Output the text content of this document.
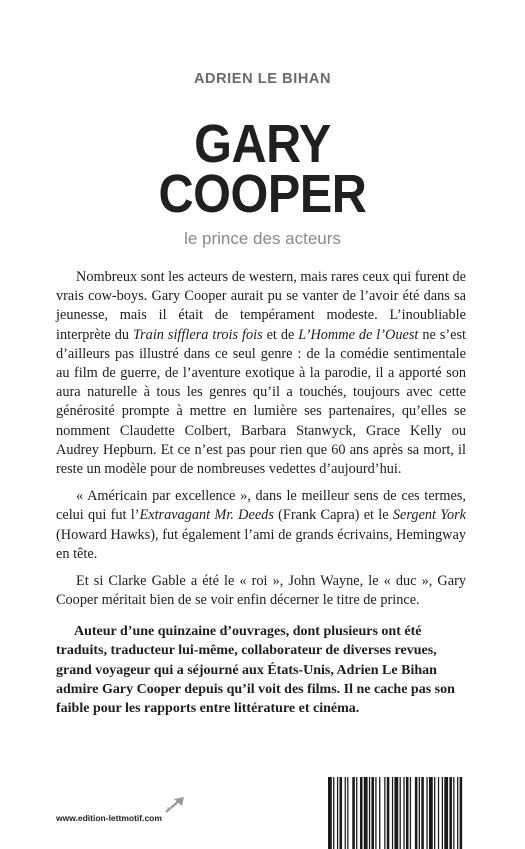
ADRIEN LE BIHAN
GARY
COOPER
le prince des acteurs

Nombreux sont les acteurs de western, mais rares ceux qui furent de vrais cow-boys. Gary Cooper aurait pu se vanter de l’avoir été dans sa jeunesse, mais il était de tempérament modeste. L’inoubliable interprète du Train sifflera trois fois et de L’Homme de l’Ouest ne s’est d’ailleurs pas illustré dans ce seul genre : de la comédie sentimentale au film de guerre, de l’aventure exotique à la parodie, il a apporté son aura naturelle à tous les genres qu’il a touchés, toujours avec cette générosité prompte à mettre en lumière ses partenaires, qu’elles se nomment Claudette Colbert, Barbara Stanwyck, Grace Kelly ou Audrey Hepburn. Et ce n’est pas pour rien que 60 ans après sa mort, il reste un modèle pour de nombreuses vedettes d’aujourd’hui.

« Américain par excellence », dans le meilleur sens de ces termes, celui qui fut l’Extravagant Mr. Deeds (Frank Capra) et le Sergent York (Howard Hawks), fut également l’ami de grands écrivains, Hemingway en tête.

Et si Clarke Gable a été le « roi », John Wayne, le « duc », Gary Cooper méritait bien de se voir enfin décerner le titre de prince.

Auteur d’une quinzaine d’ouvrages, dont plusieurs ont été traduits, traducteur lui-même, collaborateur de diverses revues, grand voyageur qui a séjourné aux États-Unis, Adrien Le Bihan admire Gary Cooper depuis qu’il voit des films. Il ne cache pas son faible pour les rapports entre littérature et cinéma.
www.edition-lettmotif.com
